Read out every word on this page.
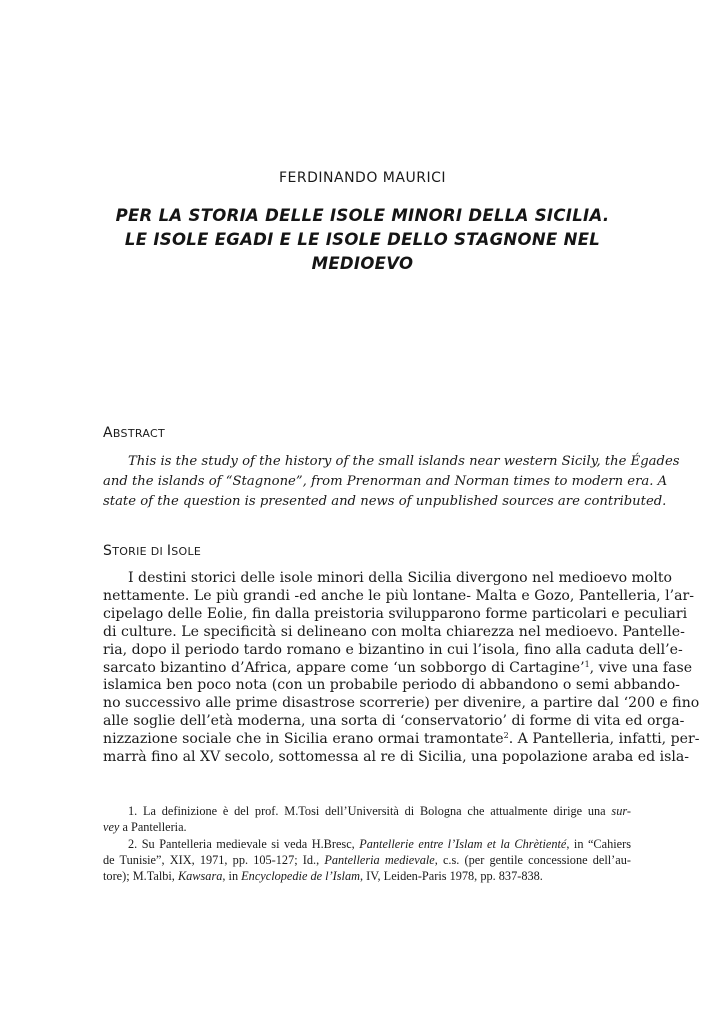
FERDINANDO MAURICI
PER LA STORIA DELLE ISOLE MINORI DELLA SICILIA.
LE ISOLE EGADI E LE ISOLE DELLO STAGNONE NEL
MEDIOEVO
ABSTRACT
This is the study of the history of the small islands near western Sicily, the Égades
and the islands of “Stagnone”, from Prenorman and Norman times to modern era. A
state of the question is presented and news of unpublished sources are contributed.
STORIE DI ISOLE
I destini storici delle isole minori della Sicilia divergono nel medioevo molto
nettamente. Le più grandi -ed anche le più lontane- Malta e Gozo, Pantelleria, l’ar-
cipelago delle Eolie, fin dalla preistoria svilupparono forme particolari e peculiari
di culture. Le specificità si delineano con molta chiarezza nel medioevo. Pantelle-
ria, dopo il periodo tardo romano e bizantino in cui l’isola, fino alla caduta dell’e-
sarcato bizantino d’Africa, appare come ‘un sobborgo di Cartagine’$^1$, vive una fase
islamica ben poco nota (con un probabile periodo di abbandono o semi abbando-
no successivo alle prime disastrose scorrerie) per divenire, a partire dal ‘200 e fino
alle soglie dell’età moderna, una sorta di ‘conservatorio’ di forme di vita ed orga-
nizzazione sociale che in Sicilia erano ormai tramontate$^2$. A Pantelleria, infatti, per-
marrà fino al XV secolo, sottomessa al re di Sicilia, una popolazione araba ed isla-
1. La definizione è del prof. M.Tosi dell’Università di Bologna che attualmente dirige una sur-
vey a Pantelleria.
2. Su Pantelleria medievale si veda H.Bresc, Pantellerie entre l’Islam et la Chrètienté, in “Cahiers
de Tunisie”, XIX, 1971, pp. 105-127; Id., Pantelleria medievale, c.s. (per gentile concessione dell’au-
tore); M.Talbi, Kawsara, in Encyclopedie de l’Islam, IV, Leiden-Paris 1978, pp. 837-838.
